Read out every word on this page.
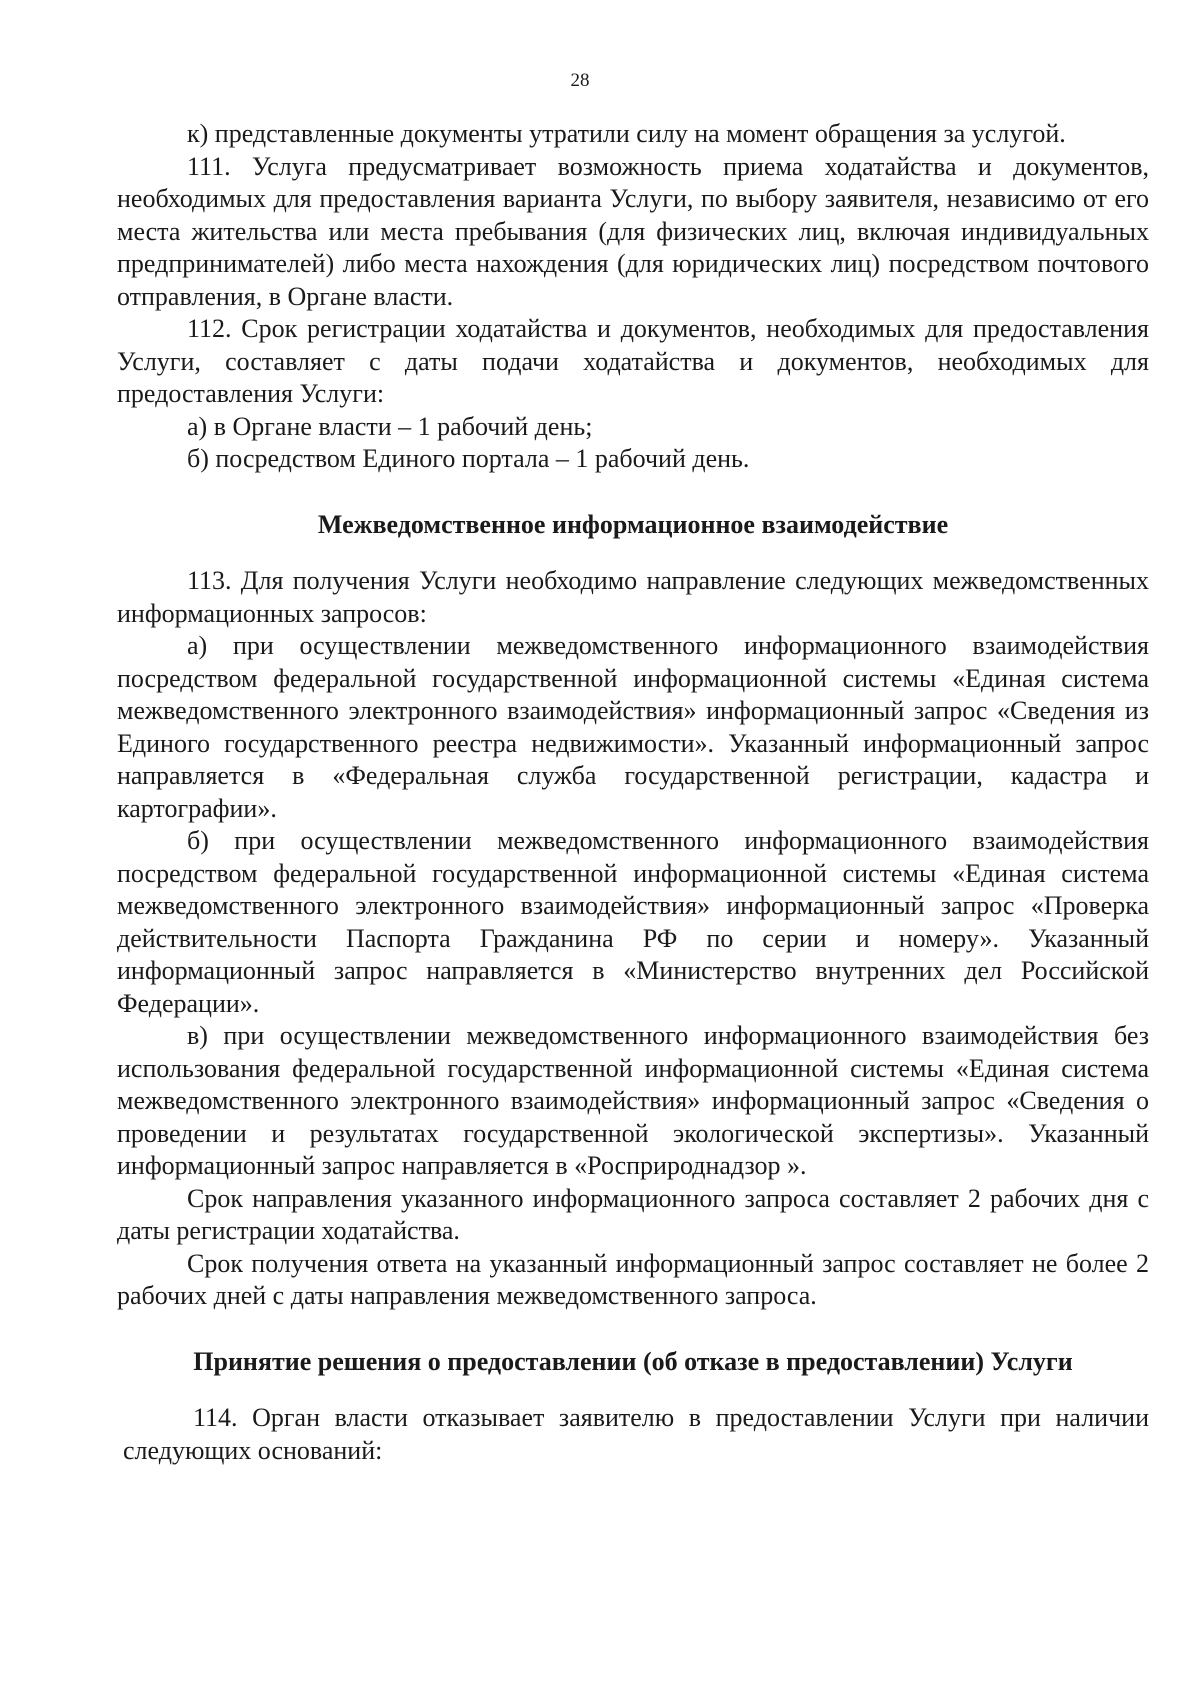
28

к) представленные документы утратили силу на момент обращения за услугой.

111. Услуга предусматривает возможность приема ходатайства и документов, необходимых для предоставления варианта Услуги, по выбору заявителя, независимо от его места жительства или места пребывания (для физических лиц, включая индивидуальных предпринимателей) либо места нахождения (для юридических лиц) посредством почтового отправления, в Органе власти.

112. Срок регистрации ходатайства и документов, необходимых для предоставления Услуги, составляет с даты подачи ходатайства и документов, необходимых для предоставления Услуги:

а) в Органе власти – 1 рабочий день;

б) посредством Единого портала – 1 рабочий день.

Межведомственное информационное взаимодействие

113. Для получения Услуги необходимо направление следующих межведомственных информационных запросов:

а) при осуществлении межведомственного информационного взаимодействия посредством федеральной государственной информационной системы «Единая система межведомственного электронного взаимодействия» информационный запрос «Сведения из Единого государственного реестра недвижимости». Указанный информационный запрос направляется в «Федеральная служба государственной регистрации, кадастра и картографии».

б) при осуществлении межведомственного информационного взаимодействия посредством федеральной государственной информационной системы «Единая система межведомственного электронного взаимодействия» информационный запрос «Проверка действительности Паспорта Гражданина РФ по серии и номеру». Указанный информационный запрос направляется в «Министерство внутренних дел Российской Федерации».

в) при осуществлении межведомственного информационного взаимодействия без использования федеральной государственной информационной системы «Единая система межведомственного электронного взаимодействия» информационный запрос «Сведения о проведении и результатах государственной экологической экспертизы». Указанный информационный запрос направляется в «Росприроднадзор ».

Срок направления указанного информационного запроса составляет 2 рабочих дня с даты регистрации ходатайства.

Срок получения ответа на указанный информационный запрос составляет не более 2 рабочих дней с даты направления межведомственного запроса.

Принятие решения о предоставлении (об отказе в предоставлении) Услуги

114. Орган власти отказывает заявителю в предоставлении Услуги при наличии следующих оснований:
